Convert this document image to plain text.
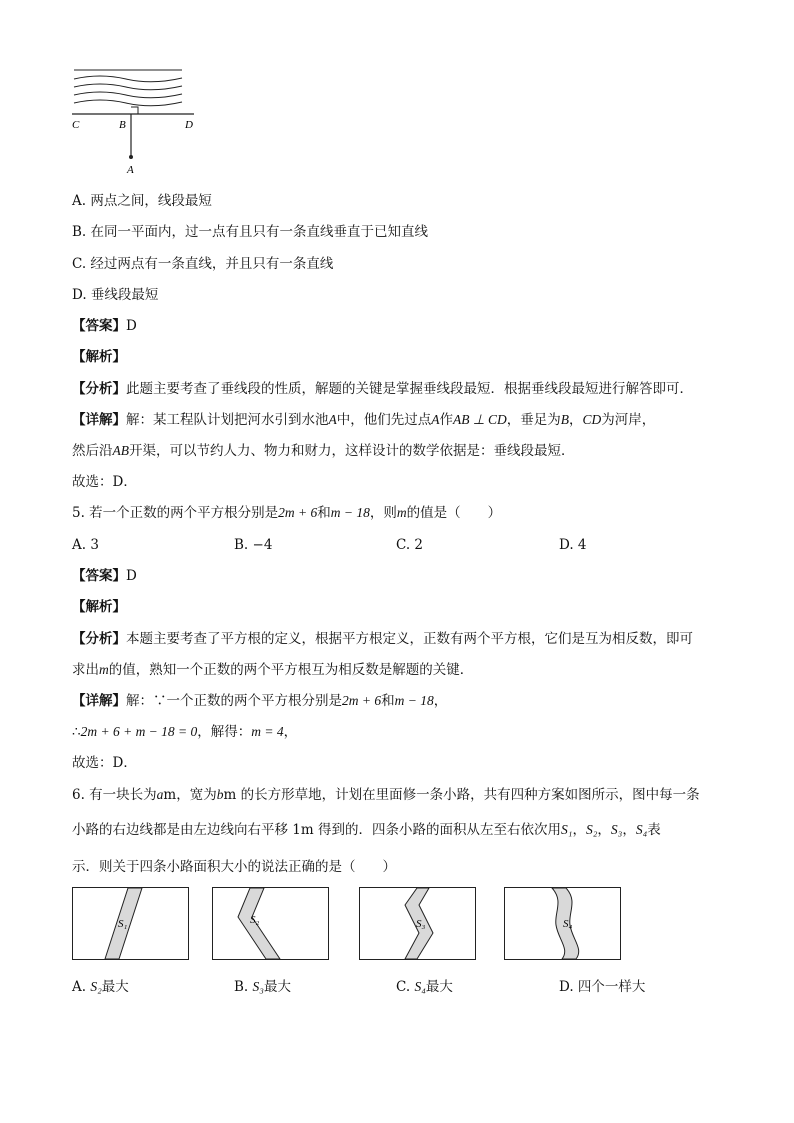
C	B	D
A
A. 两点之间，线段最短
B. 在同一平面内，过一点有且只有一条直线垂直于已知直线
C. 经过两点有一条直线，并且只有一条直线
D. 垂线段最短
【答案】D
【解析】
【分析】此题主要考查了垂线段的性质，解题的关键是掌握垂线段最短．根据垂线段最短进行解答即可．
【详解】解：某工程队计划把河水引到水池A中，他们先过点A作AB ⊥ CD，垂足为B，CD为河岸，
然后沿AB开渠，可以节约人力、物力和财力，这样设计的数学依据是：垂线段最短．
故选：D．
5. 若一个正数的两个平方根分别是2m + 6和m − 18，则m的值是（　　）
A. 3	B. −4	C. 2	D. 4
【答案】D
【解析】
【分析】本题主要考查了平方根的定义，根据平方根定义，正数有两个平方根，它们是互为相反数，即可
求出m的值，熟知一个正数的两个平方根互为相反数是解题的关键．
【详解】解：∵一个正数的两个平方根分别是2m + 6和m − 18，
∴2m + 6 + m − 18 = 0，解得：m = 4，
故选：D．
6. 有一块长为am，宽为bm 的长方形草地，计划在里面修一条小路，共有四种方案如图所示，图中每一条
小路的右边线都是由左边线向右平移 1m 得到的．四条小路的面积从左至右依次用S₁，S₂，S₃，S₄表
示．则关于四条小路面积大小的说法正确的是（　　）
S₁	S₂	S₃	S₄
A. S₂最大	B. S₃最大	C. S₄最大	D. 四个一样大
